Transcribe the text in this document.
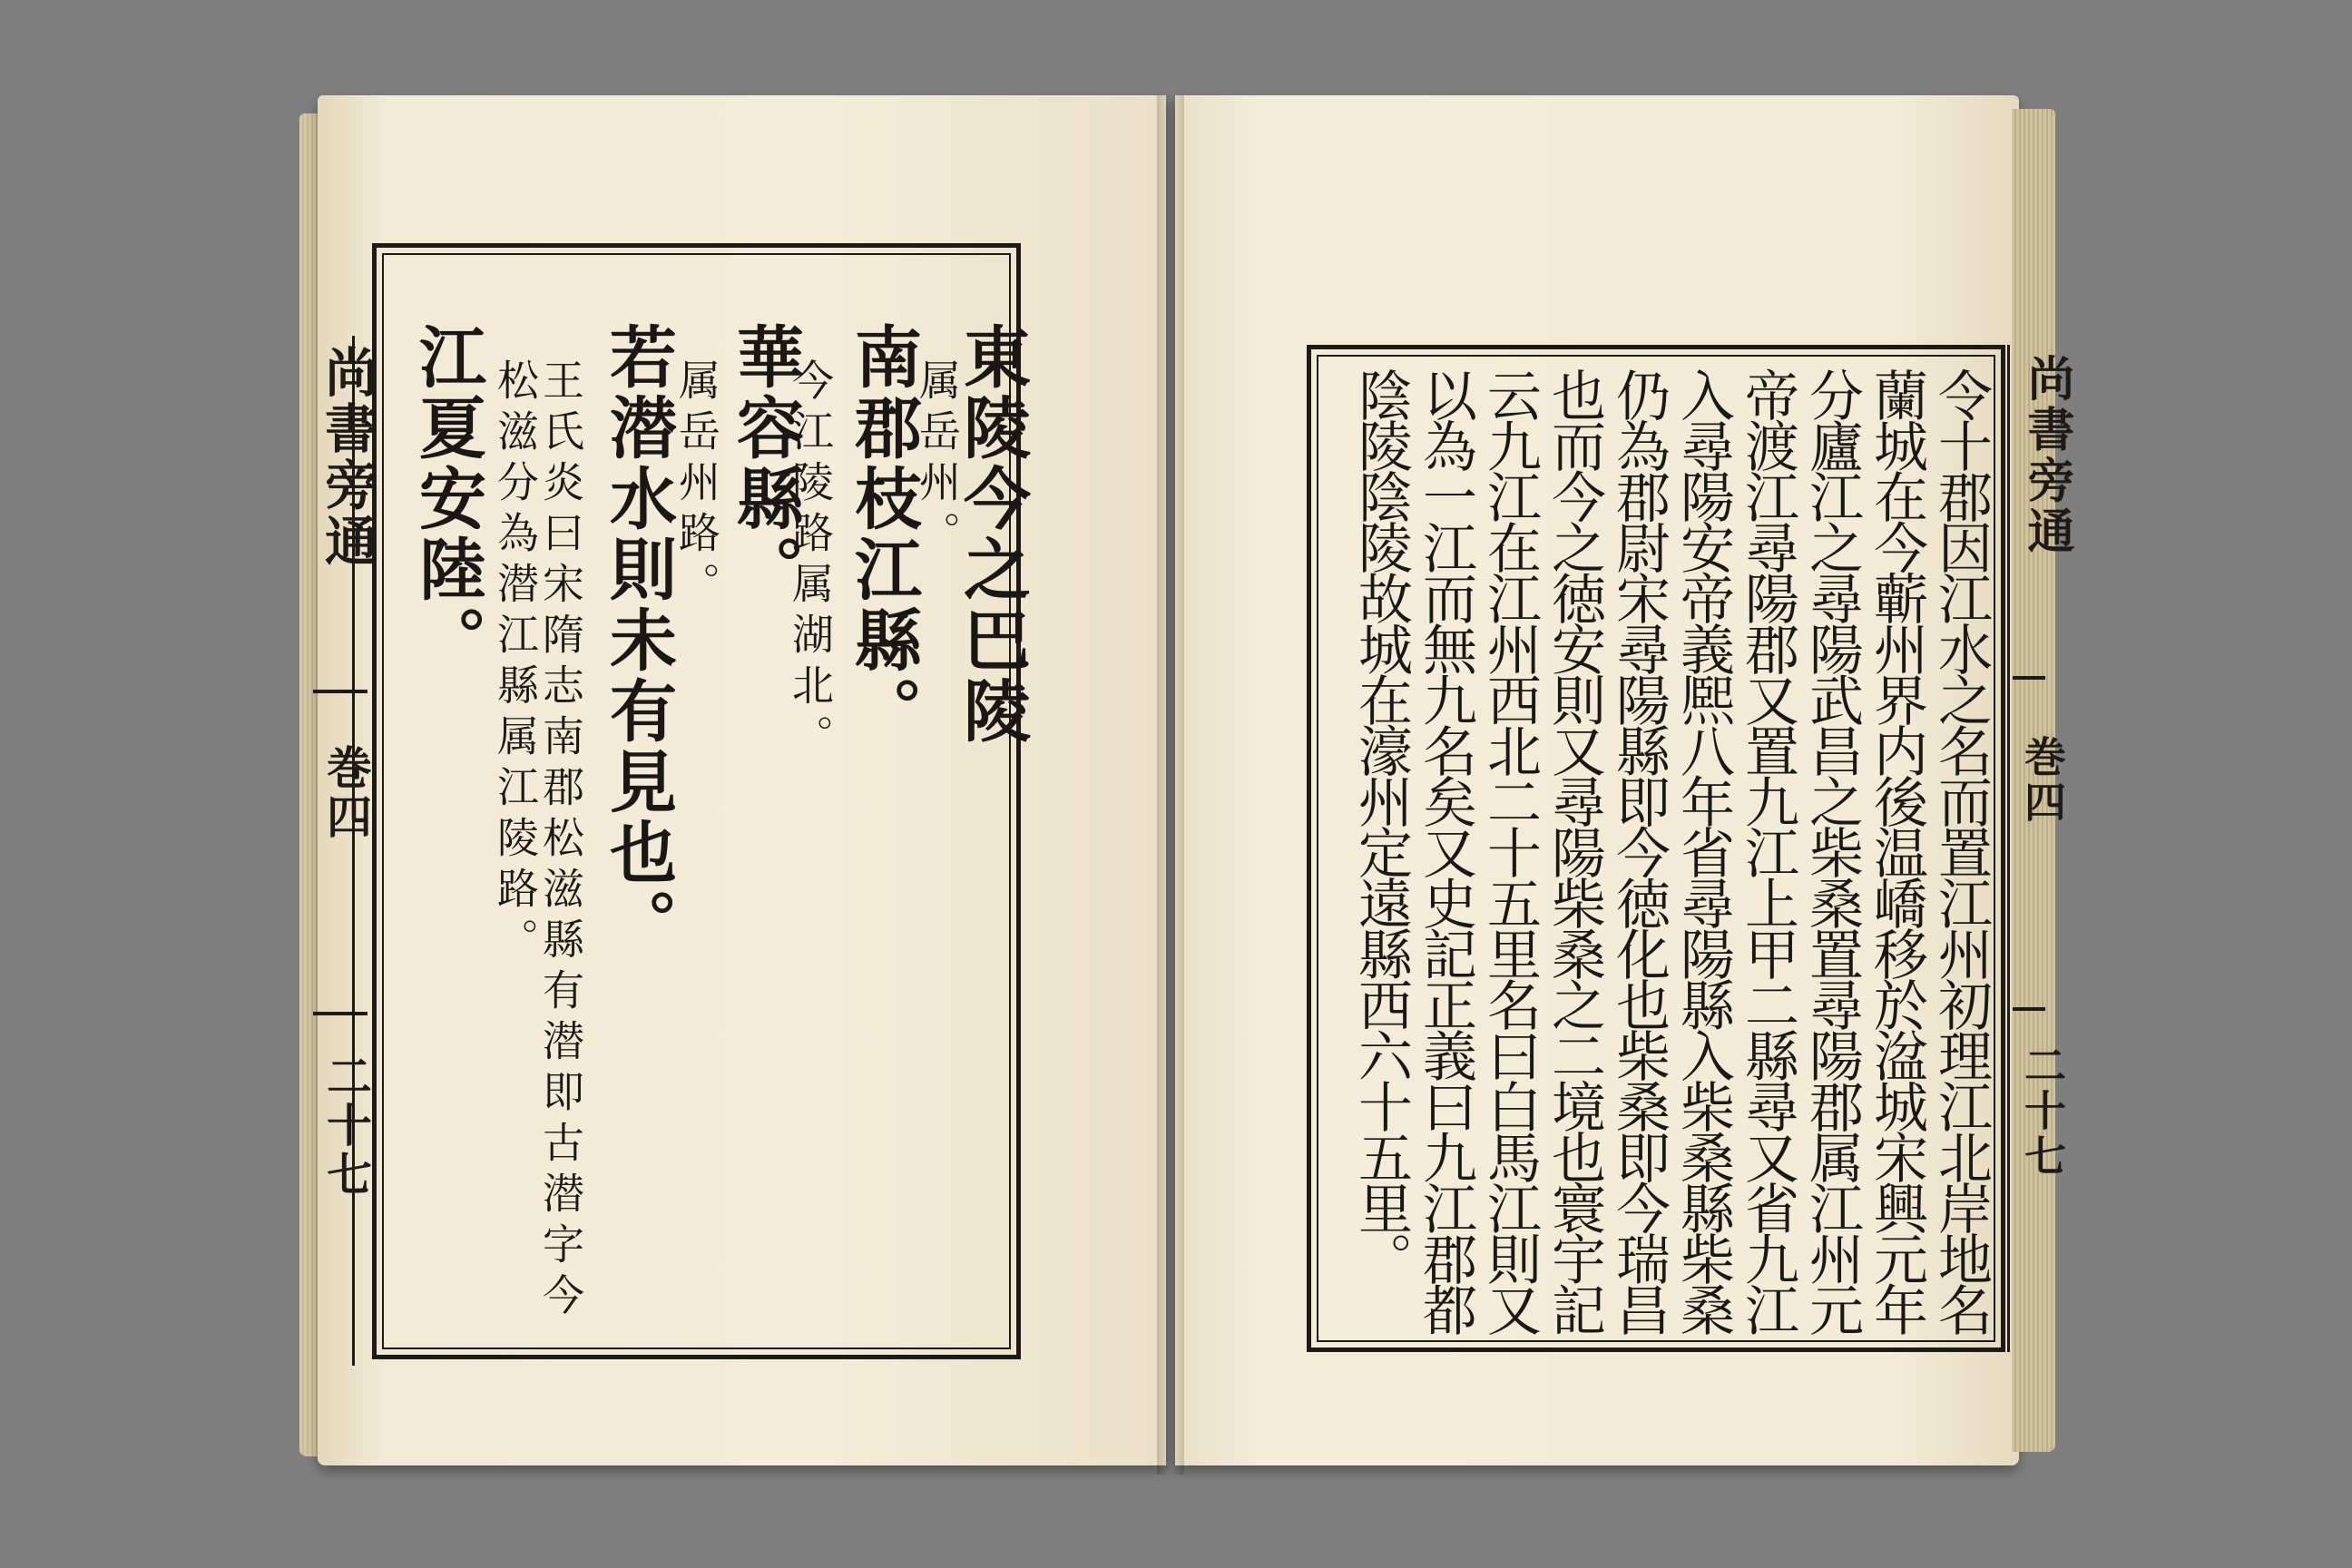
東陵今之巴陵
属岳州。
南郡枝江縣。
今江陵路属湖北。
華容縣。
属岳州路。
若潜水則未有見也。
王氏炎曰宋隋志南郡松滋縣有潜即古潜字今
松滋分為潜江縣属江陵路。
江夏安陸。
尚書旁通
巻四
二十七	令十郡因江水之名而置江州初理江北岸地名
蘭城在今蘄州界内後温嶠移於湓城宋興元年
分廬江之尋陽武昌之柴桑置尋陽郡属江州元
帝渡江尋陽郡又置九江上甲二縣尋又省九江
入尋陽安帝義熈八年省尋陽縣入柴桑縣柴桑
仍為郡尉宋尋陽縣即今徳化也柴桑即今瑞昌
也而今之徳安則又尋陽柴桑之二境也寰宇記
云九江在江州西北二十五里名曰白馬江則又
以為一江而無九名矣又史記正義曰九江郡都
陰陵陰陵故城在濠州定遠縣西六十五里。	尚書旁通
巻四
二十七
